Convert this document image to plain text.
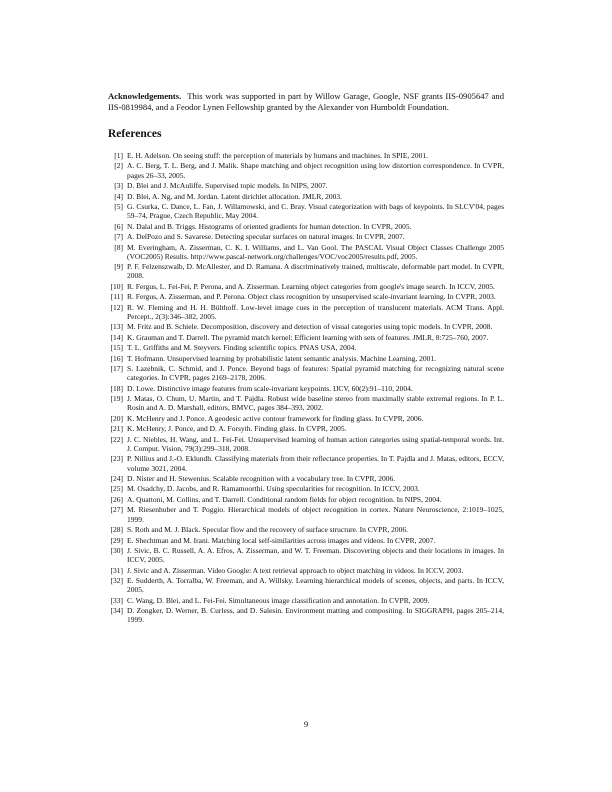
Acknowledgements. This work was supported in part by Willow Garage, Google, NSF grants IIS-0905647 and IIS-0819984, and a Feodor Lynen Fellowship granted by the Alexander von Humboldt Foundation.

References
[1] E. H. Adelson. On seeing stuff: the perception of materials by humans and machines. In SPIE, 2001.
[2] A. C. Berg, T. L. Berg, and J. Malik. Shape matching and object recognition using low distortion correspondence. In CVPR, pages 26–33, 2005.
[3] D. Blei and J. McAuliffe. Supervised topic models. In NIPS, 2007.
[4] D. Blei, A. Ng, and M. Jordan. Latent dirichlet allocation. JMLR, 2003.
[5] G. Csurka, C. Dance, L. Fan, J. Willamowski, and C. Bray. Visual categorization with bags of keypoints. In SLCV'04, pages 59–74, Prague, Czech Republic, May 2004.
[6] N. Dalal and B. Triggs. Histograms of oriented gradients for human detection. In CVPR, 2005.
[7] A. DelPozo and S. Savarese. Detecting specular surfaces on natural images. In CVPR, 2007.
[8] M. Everingham, A. Zisserman, C. K. I. Williams, and L. Van Gool. The PASCAL Visual Object Classes Challenge 2005 (VOC2005) Results. http://www.pascal-network.org/challenges/VOC/voc2005/results.pdf, 2005.
[9] P. F. Felzenszwalb, D. McAllester, and D. Ramana. A discriminatively trained, multiscale, deformable part model. In CVPR, 2008.
[10] R. Fergus, L. Fei-Fei, P. Perona, and A. Zisserman. Learning object categories from google's image search. In ICCV, 2005.
[11] R. Fergus, A. Zisserman, and P. Perona. Object class recognition by unsupervised scale-invariant learning. In CVPR, 2003.
[12] R. W. Fleming and H. H. Bülthoff. Low-level image cues in the perception of translucent materials. ACM Trans. Appl. Percept., 2(3):346–382, 2005.
[13] M. Fritz and B. Schiele. Decomposition, discovery and detection of visual categories using topic models. In CVPR, 2008.
[14] K. Grauman and T. Darrell. The pyramid match kernel: Efficient learning with sets of features. JMLR, 8:725–760, 2007.
[15] T. L. Griffiths and M. Steyvers. Finding scientific topics. PNAS USA, 2004.
[16] T. Hofmann. Unsupervised learning by probabilistic latent semantic analysis. Machine Learning, 2001.
[17] S. Lazebnik, C. Schmid, and J. Ponce. Beyond bags of features: Spatial pyramid matching for recognizing natural scene categories. In CVPR, pages 2169–2178, 2006.
[18] D. Lowe. Distinctive image features from scale-invariant keypoints. IJCV, 60(2):91–110, 2004.
[19] J. Matas, O. Chum, U. Martin, and T. Pajdla. Robust wide baseline stereo from maximally stable extremal regions. In P. L. Rosin and A. D. Marshall, editors, BMVC, pages 384–393, 2002.
[20] K. McHenry and J. Ponce. A geodesic active contour framework for finding glass. In CVPR, 2006.
[21] K. McHenry, J. Ponce, and D. A. Forsyth. Finding glass. In CVPR, 2005.
[22] J. C. Niebles, H. Wang, and L. Fei-Fei. Unsupervised learning of human action categories using spatial-temporal words. Int. J. Comput. Vision, 79(3):299–318, 2008.
[23] P. Nillius and J.-O. Eklundh. Classifying materials from their reflectance properties. In T. Pajdla and J. Matas, editors, ECCV, volume 3021, 2004.
[24] D. Nister and H. Stewenius. Scalable recognition with a vocabulary tree. In CVPR, 2006.
[25] M. Osadchy, D. Jacobs, and R. Ramamoorthi. Using specularities for recognition. In ICCV, 2003.
[26] A. Quattoni, M. Collins, and T. Darrell. Conditional random fields for object recognition. In NIPS, 2004.
[27] M. Riesenhuber and T. Poggio. Hierarchical models of object recognition in cortex. Nature Neuroscience, 2:1019–1025, 1999.
[28] S. Roth and M. J. Black. Specular flow and the recovery of surface structure. In CVPR, 2006.
[29] E. Shechtman and M. Irani. Matching local self-similarities across images and videos. In CVPR, 2007.
[30] J. Sivic, B. C. Russell, A. A. Efros, A. Zisserman, and W. T. Freeman. Discovering objects and their locations in images. In ICCV, 2005.
[31] J. Sivic and A. Zisserman. Video Google: A text retrieval approach to object matching in videos. In ICCV, 2003.
[32] E. Sudderth, A. Torralba, W. Freeman, and A. Willsky. Learning hierarchical models of scenes, objects, and parts. In ICCV, 2005.
[33] C. Wang, D. Blei, and L. Fei-Fei. Simultaneous image classification and annotation. In CVPR, 2009.
[34] D. Zongker, D. Werner, B. Curless, and D. Salesin. Environment matting and compositing. In SIGGRAPH, pages 205–214, 1999.
9
